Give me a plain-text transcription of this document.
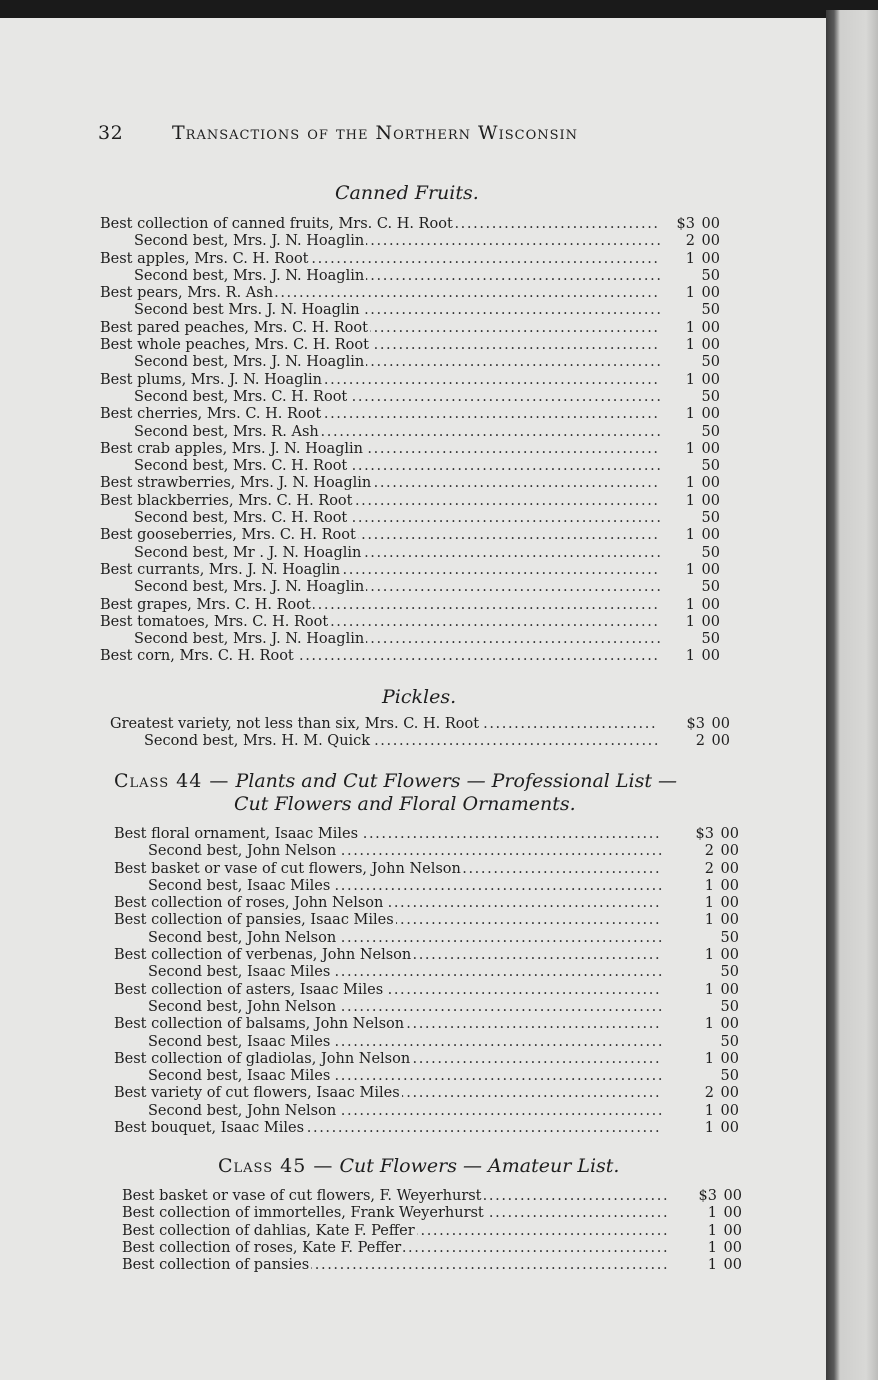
32	Transactions of the Northern Wisconsin
Canned Fruits.
Best collection of canned fruits, Mrs. C. H. Root . . .	$3 00
Second best, Mrs. J. N. Hoaglin . . .	2 00
Best apples, Mrs. C. H. Root . . .	1 00
Second best, Mrs. J. N. Hoaglin . . .	50
Best pears, Mrs. R. Ash . . .	1 00
Second best Mrs. J. N. Hoaglin . . .	50
Best pared peaches, Mrs. C. H. Root . . .	1 00
Best whole peaches, Mrs. C. H. Root . . .	1 00
Second best, Mrs. J. N. Hoaglin . . .	50
Best plums, Mrs. J. N. Hoaglin . . .	1 00
Second best, Mrs. C. H. Root . . .	50
Best cherries, Mrs. C. H. Root . . .	1 00
Second best, Mrs. R. Ash . . .	50
Best crab apples, Mrs. J. N. Hoaglin . . .	1 00
Second best, Mrs. C. H. Root . . .	50
Best strawberries, Mrs. J. N. Hoaglin . . .	1 00
Best blackberries, Mrs. C. H. Root . . .	1 00
Second best, Mrs. C. H. Root . . .	50
Best gooseberries, Mrs. C. H. Root . . .	1 00
Second best, Mr . J. N. Hoaglin . . .	50
Best currants, Mrs. J. N. Hoaglin . . .	1 00
Second best, Mrs. J. N. Hoaglin . . .	50
Best grapes, Mrs. C. H. Root . . .	1 00
Best tomatoes, Mrs. C. H. Root . . .	1 00
Second best, Mrs. J. N. Hoaglin . . .	50
Best corn, Mrs. C. H. Root . . .	1 00
Pickles.
Greatest variety, not less than six, Mrs. C. H. Root . . .	$3 00
Second best, Mrs. H. M. Quick . . .	2 00
Class 44 — Plants and Cut Flowers — Professional List —
Cut Flowers and Floral Ornaments.
Best floral ornament, Isaac Miles . . .	$3 00
Second best, John Nelson . . .	2 00
Best basket or vase of cut flowers, John Nelson . . .	2 00
Second best, Isaac Miles . . .	1 00
Best collection of roses, John Nelson . . .	1 00
Best collection of pansies, Isaac Miles . . .	1 00
Second best, John Nelson . . .	50
Best collection of verbenas, John Nelson . . .	1 00
Second best, Isaac Miles . . .	50
Best collection of asters, Isaac Miles . . .	1 00
Second best, John Nelson . . .	50
Best collection of balsams, John Nelson . . .	1 00
Second best, Isaac Miles . . .	50
Best collection of gladiolas, John Nelson . . .	1 00
Second best, Isaac Miles . . .	50
Best variety of cut flowers, Isaac Miles . . .	2 00
Second best, John Nelson . . .	1 00
Best bouquet, Isaac Miles . . .	1 00
Class 45 — Cut Flowers — Amateur List.
Best basket or vase of cut flowers, F. Weyerhurst . . .	$3 00
Best collection of immortelles, Frank Weyerhurst . . .	1 00
Best collection of dahlias, Kate F. Peffer . . .	1 00
Best collection of roses, Kate F. Peffer . . .	1 00
Best collection of pansies . . .	1 00
